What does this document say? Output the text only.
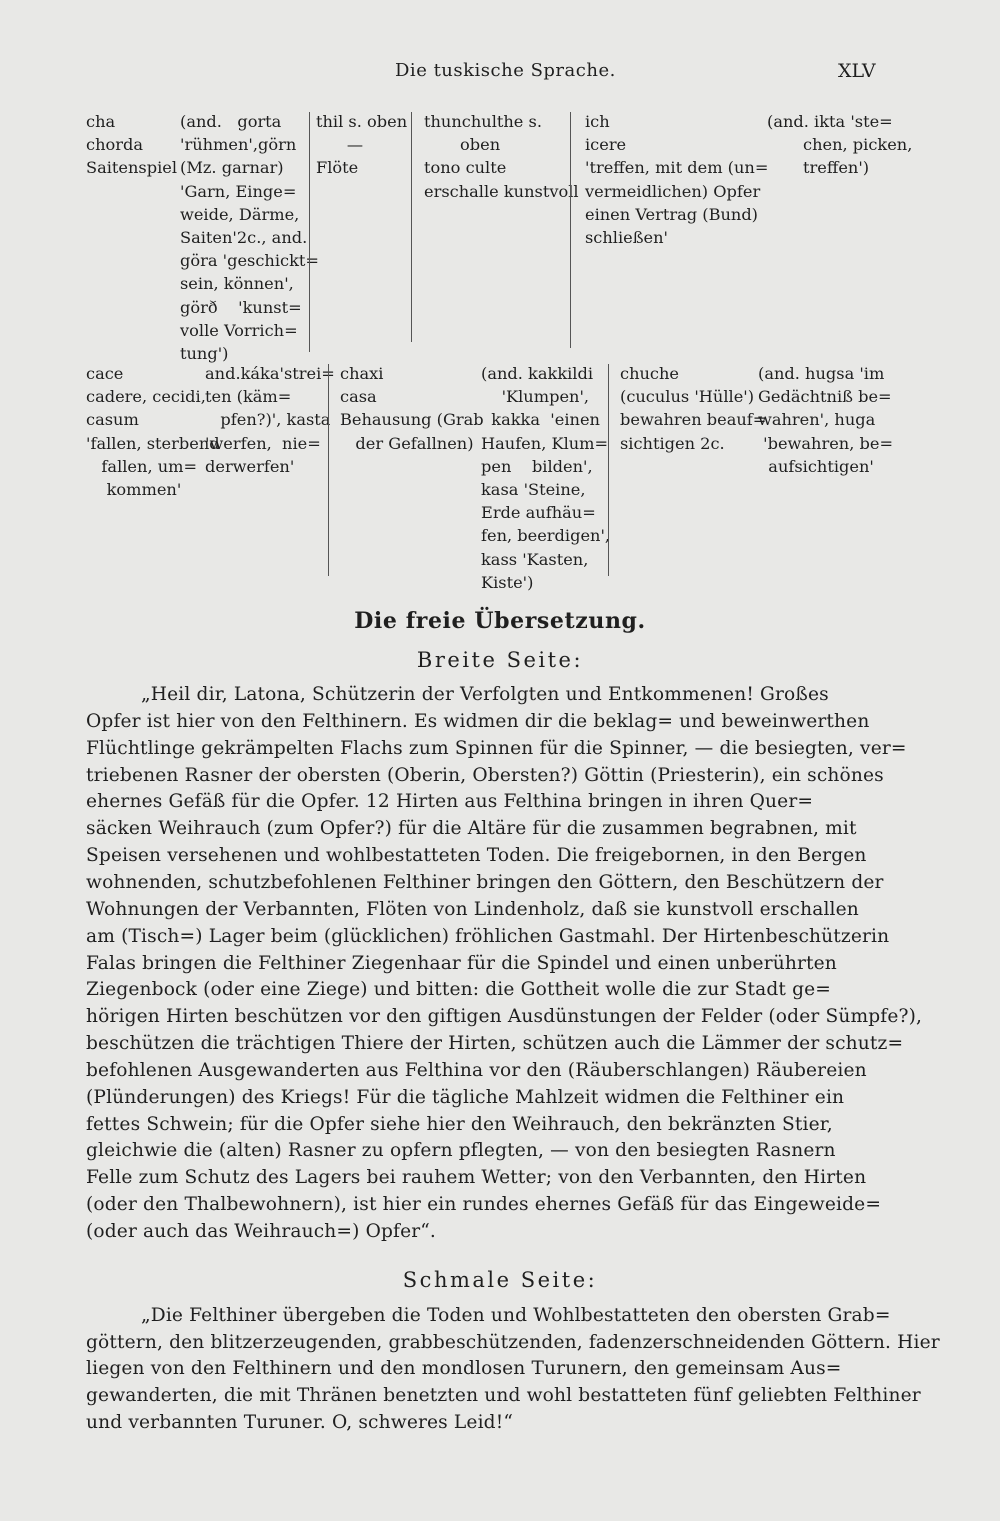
Die tuskische Sprache.	XLV
cha
chorda
Saitenspiel
(and.   gorta
'rühmen',görn
(Mz. garnar)
'Garn, Einge=
weide, Därme,
Saiten'2c., and.
göra 'geschickt=
sein, können',
görð    'kunst=
volle Vorrich=
tung')
thil s. oben
—
Flöte
thunchulthe s.
oben
tono culte
erschalle kunstvoll
ich
icere
'treffen, mit dem (un=
vermeidlichen) Opfer
einen Vertrag (Bund)
schließen'
(and. ikta 'ste=
chen, picken,
treffen')
cace
cadere, cecidi,
casum
'fallen, sterbend
fallen, um=
kommen'
and.káka'strei=
ten (käm=
pfen?)', kasta
'werfen,  nie=
derwerfen'
chaxi
casa
Behausung (Grab
der Gefallnen)
(and. kakkildi
'Klumpen',
kakka  'einen
Haufen, Klum=
pen    bilden',
kasa 'Steine,
Erde aufhäu=
fen, beerdigen',
kass 'Kasten,
Kiste')
chuche
(cuculus 'Hülle')
bewahren beauf=
sichtigen 2c.
(and. hugsa 'im
Gedächtniß be=
wahren', huga
'bewahren, be=
aufsichtigen'
Die freie Übersetzung.
Breite Seite:
„Heil dir, Latona, Schützerin der Verfolgten und Entkommenen! Großes
Opfer ist hier von den Felthinern. Es widmen dir die beklag= und beweinwerthen
Flüchtlinge gekrämpelten Flachs zum Spinnen für die Spinner, — die besiegten, ver=
triebenen Rasner der obersten (Oberin, Obersten?) Göttin (Priesterin), ein schönes
ehernes Gefäß für die Opfer. 12 Hirten aus Felthina bringen in ihren Quer=
säcken Weihrauch (zum Opfer?) für die Altäre für die zusammen begrabnen, mit
Speisen versehenen und wohlbestatteten Toden. Die freigebornen, in den Bergen
wohnenden, schutzbefohlenen Felthiner bringen den Göttern, den Beschützern der
Wohnungen der Verbannten, Flöten von Lindenholz, daß sie kunstvoll erschallen
am (Tisch=) Lager beim (glücklichen) fröhlichen Gastmahl. Der Hirtenbeschützerin
Falas bringen die Felthiner Ziegenhaar für die Spindel und einen unberührten
Ziegenbock (oder eine Ziege) und bitten: die Gottheit wolle die zur Stadt ge=
hörigen Hirten beschützen vor den giftigen Ausdünstungen der Felder (oder Sümpfe?),
beschützen die trächtigen Thiere der Hirten, schützen auch die Lämmer der schutz=
befohlenen Ausgewanderten aus Felthina vor den (Räuberschlangen) Räubereien
(Plünderungen) des Kriegs! Für die tägliche Mahlzeit widmen die Felthiner ein
fettes Schwein; für die Opfer siehe hier den Weihrauch, den bekränzten Stier,
gleichwie die (alten) Rasner zu opfern pflegten, — von den besiegten Rasnern
Felle zum Schutz des Lagers bei rauhem Wetter; von den Verbannten, den Hirten
(oder den Thalbewohnern), ist hier ein rundes ehernes Gefäß für das Eingeweide=
(oder auch das Weihrauch=) Opfer“.
Schmale Seite:
„Die Felthiner übergeben die Toden und Wohlbestatteten den obersten Grab=
göttern, den blitzerzeugenden, grabbeschützenden, fadenzerschneidenden Göttern. Hier
liegen von den Felthinern und den mondlosen Turunern, den gemeinsam Aus=
gewanderten, die mit Thränen benetzten und wohl bestatteten fünf geliebten Felthiner
und verbannten Turuner. O, schweres Leid!“
